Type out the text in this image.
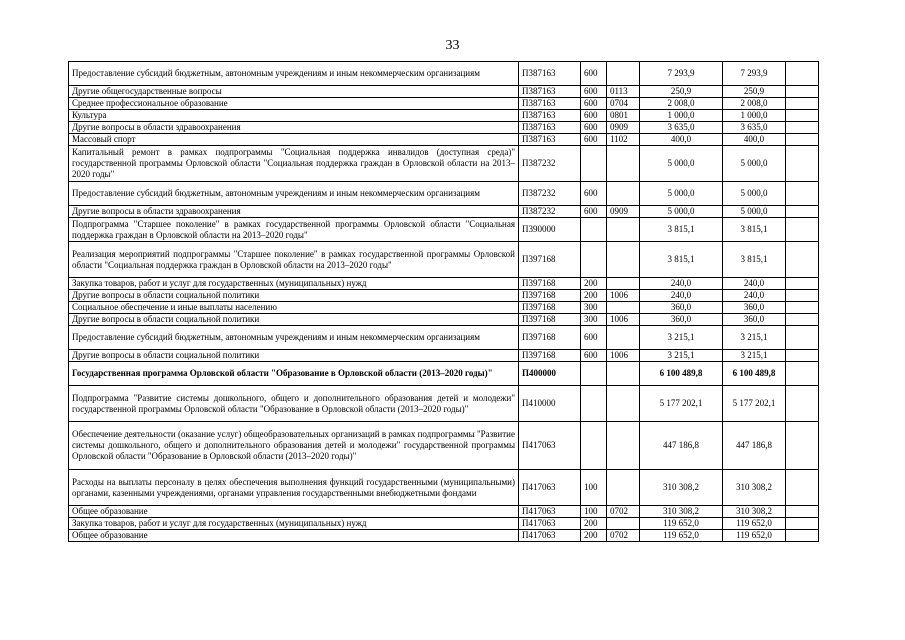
33
Предоставление субсидий бюджетным, автономным учреждениям и иным некоммерческим организациям	П387163	600		7 293,9	7 293,9	
Другие общегосударственные вопросы	П387163	600	0113	250,9	250,9	
Среднее профессиональное образование	П387163	600	0704	2 008,0	2 008,0	
Культура	П387163	600	0801	1 000,0	1 000,0	
Другие вопросы в области здравоохранения	П387163	600	0909	3 635,0	3 635,0	
Массовый спорт	П387163	600	1102	400,0	400,0	
Капитальный ремонт в рамках подпрограммы "Социальная поддержка инвалидов (доступная среда)" государственной программы Орловской области "Социальная поддержка граждан в Орловской области на 2013–2020 годы"	П387232			5 000,0	5 000,0	
Предоставление субсидий бюджетным, автономным учреждениям и иным некоммерческим организациям	П387232	600		5 000,0	5 000,0	
Другие вопросы в области здравоохранения	П387232	600	0909	5 000,0	5 000,0	
Подпрограмма "Старшее поколение" в рамках государственной программы Орловской области "Социальная поддержка граждан в Орловской области на 2013–2020 годы"	П390000			3 815,1	3 815,1	
Реализация мероприятий подпрограммы "Старшее поколение" в рамках государственной программы Орловской области "Социальная поддержка граждан в Орловской области на 2013–2020 годы"	П397168			3 815,1	3 815,1	
Закупка товаров, работ и услуг для государственных (муниципальных) нужд	П397168	200		240,0	240,0	
Другие вопросы в области социальной политики	П397168	200	1006	240,0	240,0	
Социальное обеспечение и иные выплаты населению	П397168	300		360,0	360,0	
Другие вопросы в области социальной политики	П397168	300	1006	360,0	360,0	
Предоставление субсидий бюджетным, автономным учреждениям и иным некоммерческим организациям	П397168	600		3 215,1	3 215,1	
Другие вопросы в области социальной политики	П397168	600	1006	3 215,1	3 215,1	
Государственная программа Орловской области "Образование в Орловской области (2013–2020 годы)"	П400000			6 100 489,8	6 100 489,8	
Подпрограмма "Развитие системы дошкольного, общего и дополнительного образования детей и молодежи" государственной программы Орловской области "Образование в Орловской области (2013–2020 годы)"	П410000			5 177 202,1	5 177 202,1	
Обеспечение деятельности (оказание услуг) общеобразовательных организаций в рамках подпрограммы "Развитие системы дошкольного, общего и дополнительного образования детей и молодежи" государственной программы Орловской области "Образование в Орловской области (2013–2020 годы)"	П417063			447 186,8	447 186,8	
Расходы на выплаты персоналу в целях обеспечения выполнения функций государственными (муниципальными) органами, казенными учреждениями, органами управления государственными внебюджетными фондами	П417063	100		310 308,2	310 308,2	
Общее образование	П417063	100	0702	310 308,2	310 308,2	
Закупка товаров, работ и услуг для государственных (муниципальных) нужд	П417063	200		119 652,0	119 652,0	
Общее образование	П417063	200	0702	119 652,0	119 652,0	
